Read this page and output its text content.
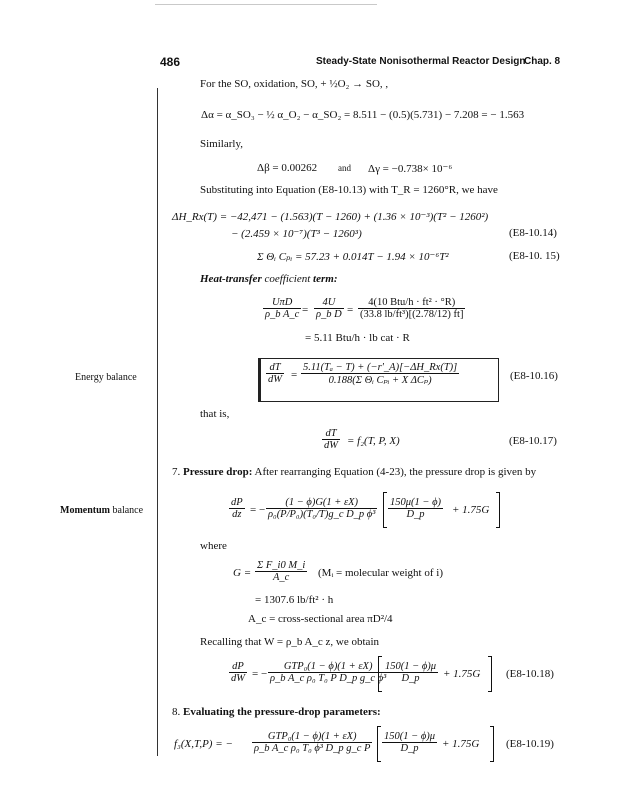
486	Steady-State Nonisothermal Reactor Design
Chap. 8
Energy balance
Momentum balance
For the SO, oxidation, SO, + ½O₂ → SO, ,
Δα = α_SO₃ − ½ α_O₂ − α_SO₂ = 8.511 − (0.5)(5.731) − 7.208 = − 1.563
Similarly,
Δβ = 0.00262 and Δγ = −0.738× 10⁻⁶
Substituting into Equation (E8-10.13) with T_R = 1260°R, we have
ΔH_Rx(T) = −42,471 − (1.563)(T − 1260) + (1.36 × 10⁻³)(T² − 1260²)
− (2.459 × 10⁻⁷)(T³ − 1260³)	(E8-10.14)
Σ Θᵢ Cₚᵢ = 57.23 + 0.014T − 1.94 × 10⁻⁶T²	(E8-10. 15)
Heat-transfer coefficient term:
UπD
ρ_b A_c = $\frac{4U}{\text{ρ\_b D}}$ =
4(10 Btu/h · ft² · °R)
(33.8 lb/ft³)[(2.78/12) ft]
= 5.11 Btu/h · lb cat · R
$\frac{dT}{dW}$ =
5.11(Tₐ − T) + (−r'_A)[−ΔH_Rx(T)]
0.188(Σ Θᵢ Cₚᵢ + X ΔCₚ)	(E8-10.16)
that is,
$\frac{dT}{dW} = f_2(T$, P, X)	(E8-10.17)
7. Pressure drop: After rearranging Equation (4-23), the pressure drop is given by
$\frac{dP}{dz}$ = − $\frac{(1 - \phi)G(1 + \varepsilon X)}{\text{ρ₀(P/P₀)(T₀/T)g\_c D\_p ϕ³}} \frac{150\mu(1 - \phi)}{D\_p} + 1.75G$
where
$G = \frac{\text{Σ F\_i0 M\_i}}{A\_c}$ (Mᵢ = molecular weight of i)
= 1307.6 lb/ft² · h
A_c = cross-sectional area πD²/4
Recalling that W = ρ_b A_c z, we obtain
$\frac{dP}{dW}$ = −
GTP₀(1 − ϕ)(1 + εX)
ρ_b A_c ρ₀ T₀ P D_p g_c ϕ³
$\frac{150(1 - \phi)\mu}{D\_p} + 1.75G$ (E8-10.18)
8. Evaluating the pressure-drop parameters:
f₃(X,T,P) = −
GTP₀(1 − ϕ)(1 + εX)
ρ_b A_c ρ₀ T₀ ϕ³ D_p g_c P $\frac{150(1 - \phi)\mu}{D\_p} + 1.75G$ (E8-10.19)
